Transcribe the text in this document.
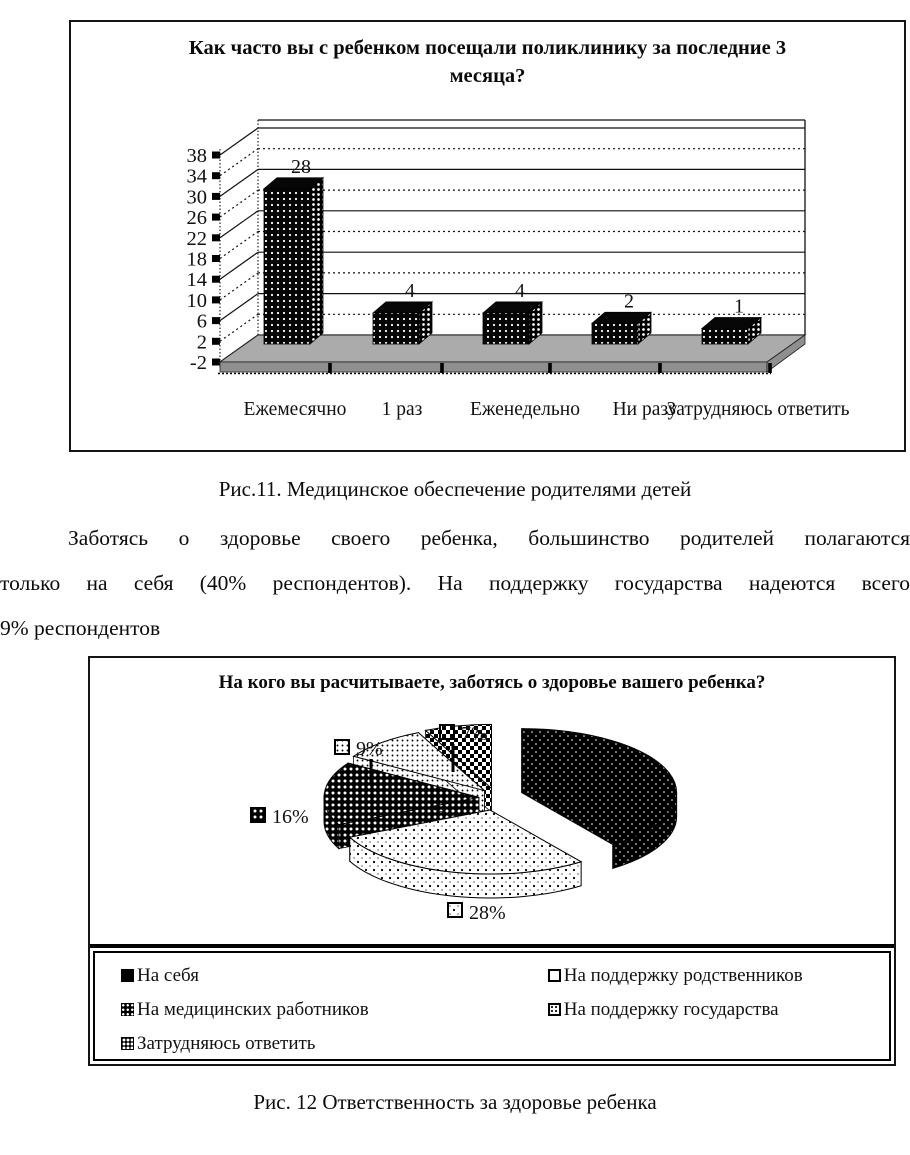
Как часто вы с ребенком посещали поликлинику за последние 3 месяца?
38
34
30
26
22
18
14
10
6
2
-2
28
4	4	2	1
Ежемесячно 1 раз Еженедельно Ни разу
Затрудняюсь ответить
Рис.11. Медицинское обеспечение родителями детей
Заботясь о здоровье своего ребенка, большинство родителей полагаются
только на себя (40% респондентов). На поддержку государства надеются всего
9% респондентов
28%
16%
9%
7%
На кого вы расчитываете, заботясь о здоровье вашего ребенка?
На себя	На поддержку родственников
На медицинских работников	На поддержку государства
Затрудняюсь ответить
Рис. 12 Ответственность за здоровье ребенка
